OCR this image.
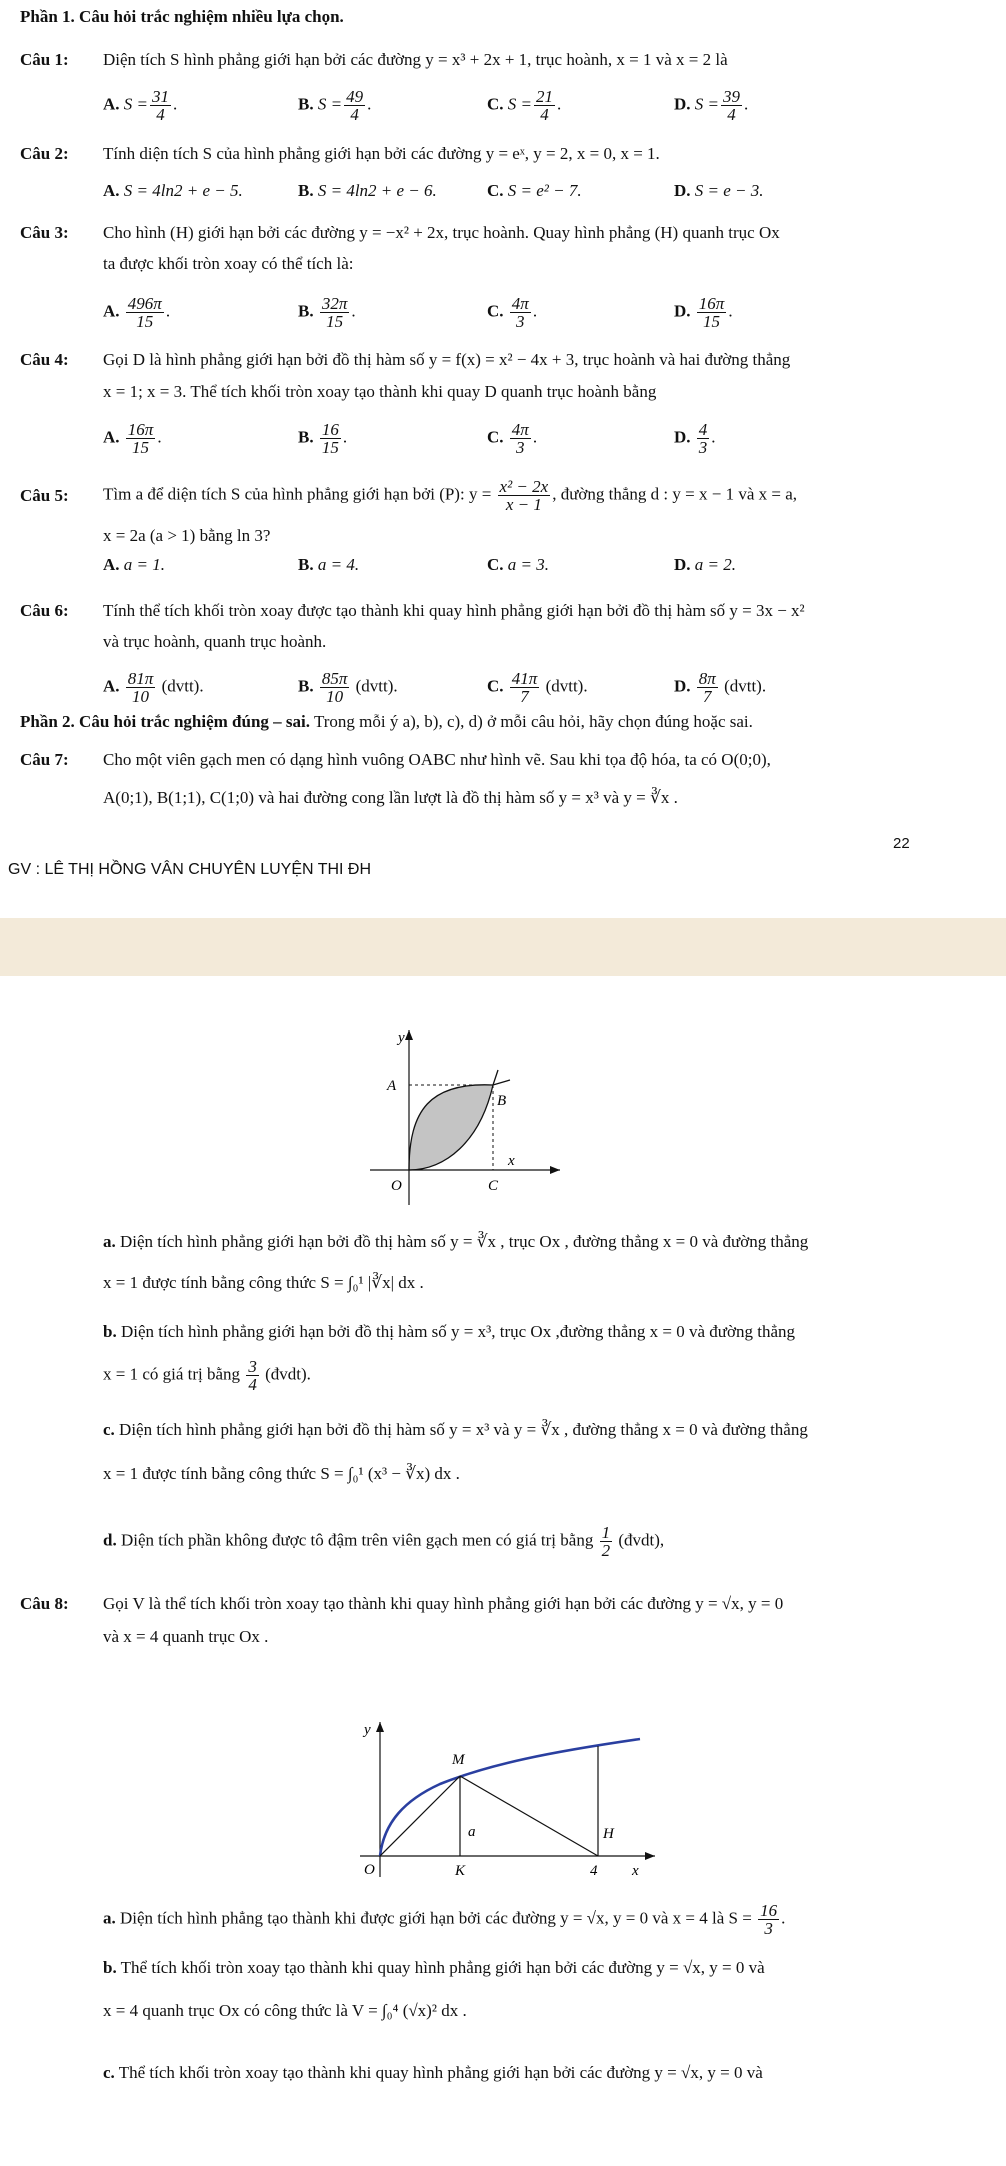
Phần 1. Câu hỏi trắc nghiệm nhiều lựa chọn.
Câu 1: Diện tích S hình phẳng giới hạn bởi các đường y = x³ + 2x + 1, trục hoành, x = 1 và x = 2 là
A. $S = \frac{31}{4}$ .	B. $S = \frac{49}{4}$ .	C. $S = \frac{21}{4}$ .	D. $S = \frac{39}{4}$ .
Câu 2: Tính diện tích S của hình phẳng giới hạn bởi các đường y = eˣ, y = 2, x = 0, x = 1.
A. S = 4ln2 + e − 5.	B. S = 4ln2 + e − 6.	C. S = e² − 7.	D. S = e − 3.
Câu 3: Cho hình (H) giới hạn bởi các đường y = −x² + 2x, trục hoành. Quay hình phẳng (H) quanh trục Ox
ta được khối tròn xoay có thể tích là:
A. $\frac{496\pi}{15}$ .	B. $\frac{32\pi}{15}$ .	C. $\frac{4\pi}{3}$ .	D. $\frac{16\pi}{15}$ .
Câu 4: Gọi D là hình phẳng giới hạn bởi đồ thị hàm số y = f(x) = x² − 4x + 3, trục hoành và hai đường thẳng
x = 1; x = 3. Thể tích khối tròn xoay tạo thành khi quay D quanh trục hoành bằng
A. $\frac{16\pi}{15}$ .	B. $\frac{16}{15}$ .	C. $\frac{4\pi}{3}$ .	D. $\frac{4}{3}$ .
Câu 5: Tìm a để diện tích S của hình phẳng giới hạn bởi (P): $y = \frac{\text{x² − 2x}}{x - 1}$ , đường thẳng d : y = x − 1 và x = a,
x = 2a (a > 1) bằng ln 3?
A. a = 1.	B. a = 4.	C. a = 3.	D. a = 2.
Câu 6: Tính thể tích khối tròn xoay được tạo thành khi quay hình phẳng giới hạn bởi đồ thị hàm số y = 3x − x²
và trục hoành, quanh trục hoành.
A. $\frac{81\pi}{10}$ (dvtt).	B. $\frac{85\pi}{10}$ (dvtt).	C. $\frac{41\pi}{7}$ (dvtt).	D. $\frac{8\pi}{7}$ (dvtt).
Phần 2. Câu hỏi trắc nghiệm đúng – sai. Trong mỗi ý a), b), c), d) ở mỗi câu hỏi, hãy chọn đúng hoặc sai.
Câu 7: Cho một viên gạch men có dạng hình vuông OABC như hình vẽ. Sau khi tọa độ hóa, ta có O(0;0),
A(0;1), B(1;1), C(1;0) và hai đường cong lần lượt là đồ thị hàm số y = x³ và y = ∛x .
22
GV : LÊ THỊ HỒNG VÂN CHUYÊN LUYỆN THI ĐH
y
A
B
x
O	C
a. Diện tích hình phẳng giới hạn bởi đồ thị hàm số y = ∛x , trục Ox , đường thẳng x = 0 và đường thẳng
x = 1 được tính bằng công thức S = ∫₀¹ |∛x| dx .
b. Diện tích hình phẳng giới hạn bởi đồ thị hàm số y = x³, trục Ox ,đường thẳng x = 0 và đường thẳng
x = 1 có giá trị bằng $\frac{3}{4}$ (đvdt).
c. Diện tích hình phẳng giới hạn bởi đồ thị hàm số y = x³ và y = ∛x , đường thẳng x = 0 và đường thẳng
x = 1 được tính bằng công thức S = ∫₀¹ (x³ − ∛x) dx .
d. Diện tích phần không được tô đậm trên viên gạch men có giá trị bằng $\frac{1}{2}$ (đvdt),
Câu 8: Gọi V là thể tích khối tròn xoay tạo thành khi quay hình phẳng giới hạn bởi các đường y = √x, y = 0
và x = 4 quanh trục Ox .
y
M
a	H
O	K	4 x
a. Diện tích hình phẳng tạo thành khi được giới hạn bởi các đường y = √x, y = 0 và x = 4 là $S = \frac{16}{3}$ .
b. Thể tích khối tròn xoay tạo thành khi quay hình phẳng giới hạn bởi các đường y = √x, y = 0 và
x = 4 quanh trục Ox có công thức là V = ∫₀⁴ (√x)² dx .
c. Thể tích khối tròn xoay tạo thành khi quay hình phẳng giới hạn bởi các đường y = √x, y = 0 và
